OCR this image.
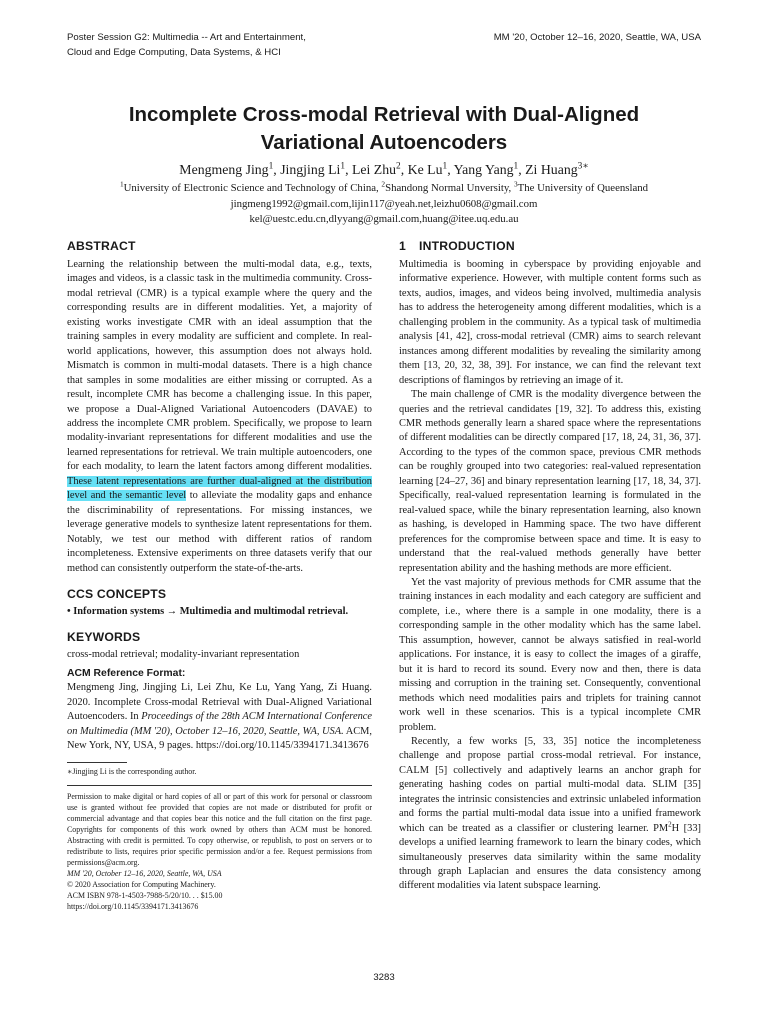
Poster Session G2: Multimedia -- Art and Entertainment,
Cloud and Edge Computing, Data Systems, & HCI
MM '20, October 12–16, 2020, Seattle, WA, USA
Incomplete Cross-modal Retrieval with Dual-Aligned
Variational Autoencoders
Mengmeng Jing$^1$, Jingjing Li$^1$, Lei Zhu$^2$, Ke Lu$^1$, Yang Yang$^1$, Zi Huang$^{3∗}$
$^1$University of Electronic Science and Technology of China, $^2$Shandong Normal Unversity, $^3$The University of Queensland
jingmeng1992@gmail.com,lijin117@yeah.net,leizhu0608@gmail.com
kel@uestc.edu.cn,dlyyang@gmail.com,huang@itee.uq.edu.au
ABSTRACT

Learning the relationship between the multi-modal data, e.g., texts, images and videos, is a classic task in the multimedia community. Cross-modal retrieval (CMR) is a typical example where the query and the corresponding results are in different modalities. Yet, a majority of existing works investigate CMR with an ideal assumption that the training samples in every modality are sufficient and complete. In real-world applications, however, this assumption does not always hold. Mismatch is common in multi-modal datasets. There is a high chance that samples in some modalities are either missing or corrupted. As a result, incomplete CMR has become a challenging issue. In this paper, we propose a Dual-Aligned Variational Autoencoders (DAVAE) to address the incomplete CMR problem. Specifically, we propose to learn modality-invariant representations for different modalities and use the learned representations for retrieval. We train multiple autoencoders, one for each modality, to learn the latent factors among different modalities. These latent representations are further dual-aligned at the distribution level and the semantic level to alleviate the modality gaps and enhance the discriminability of representations. For missing instances, we leverage generative models to synthesize latent representations for them. Notably, we test our method with different ratios of random incompleteness. Extensive experiments on three datasets verify that our method can consistently outperform the state-of-the-arts.

CCS CONCEPTS

• Information systems → Multimedia and multimodal retrieval.

KEYWORDS

cross-modal retrieval; modality-invariant representation

ACM Reference Format:

Mengmeng Jing, Jingjing Li, Lei Zhu, Ke Lu, Yang Yang, Zi Huang. 2020. Incomplete Cross-modal Retrieval with Dual-Aligned Variational Autoencoders. In Proceedings of the 28th ACM International Conference on Multimedia (MM '20), October 12–16, 2020, Seattle, WA, USA. ACM, New York, NY, USA, 9 pages. https://doi.org/10.1145/3394171.3413676

∗Jingjing Li is the corresponding author.

Permission to make digital or hard copies of all or part of this work for personal or classroom use is granted without fee provided that copies are not made or distributed for profit or commercial advantage and that copies bear this notice and the full citation on the first page. Copyrights for components of this work owned by others than ACM must be honored. Abstracting with credit is permitted. To copy otherwise, or republish, to post on servers or to redistribute to lists, requires prior specific permission and/or a fee. Request permissions from permissions@acm.org.
MM '20, October 12–16, 2020, Seattle, WA, USA
© 2020 Association for Computing Machinery.
ACM ISBN 978-1-4503-7988-5/20/10. . . $15.00
https://doi.org/10.1145/3394171.3413676
1 INTRODUCTION

Multimedia is booming in cyberspace by providing enjoyable and informative experience. However, with multiple content forms such as texts, audios, images, and videos being involved, multimedia analysis has to address the heterogeneity among different modalities, which is a challenging problem in the community. As a typical task of multimedia analysis [41, 42], cross-modal retrieval (CMR) aims to search relevant instances among different modalities by revealing the similarity among them [13, 20, 32, 38, 39]. For instance, we can find the relevant text descriptions of flamingos by retrieving an image of it.

The main challenge of CMR is the modality divergence between the queries and the retrieval candidates [19, 32]. To address this, existing CMR methods generally learn a shared space where the representations of different modalities can be directly compared [17, 18, 24, 31, 36, 37]. According to the types of the common space, previous CMR methods can be roughly grouped into two categories: real-valued representation learning [24–27, 36] and binary representation learning [17, 18, 34, 37]. Specifically, real-valued representation learning is formulated in the real-valued space, while the binary representation learning, also known as hashing, is developed in Hamming space. The two have different preferences for the compromise between space and time. It is easy to understand that the real-valued methods generally have better representation ability and the hashing methods are more efficient.

Yet the vast majority of previous methods for CMR assume that the training instances in each modality and each category are sufficient and complete, i.e., where there is a sample in one modality, there is a corresponding sample in the other modality which has the same label. This assumption, however, cannot be always satisfied in real-world applications. For instance, it is easy to collect the images of a giraffe, but it is hard to record its sound. Every now and then, there is data missing and corruption in the training set. Consequently, conventional methods which need modalities pairs and triplets for training cannot work well in these scenarios. This is a typical incomplete CMR problem.

Recently, a few works [5, 33, 35] notice the incompleteness challenge and propose partial cross-modal retrieval. For instance, CALM [5] collectively and adaptively learns an anchor graph for generating hashing codes on partial multi-modal data. SLIM [35] integrates the intrinsic consistencies and extrinsic unlabeled information and forms the partial multi-modal data issue into a unified framework which can be treated as a classifier or clustering learner. $PM^2H$ [33] develops a unified learning framework to learn the binary codes, which simultaneously preserves data similarity within the same modality through graph Laplacian and ensures the data consistency among different modalities via latent subspace learning.

3283
